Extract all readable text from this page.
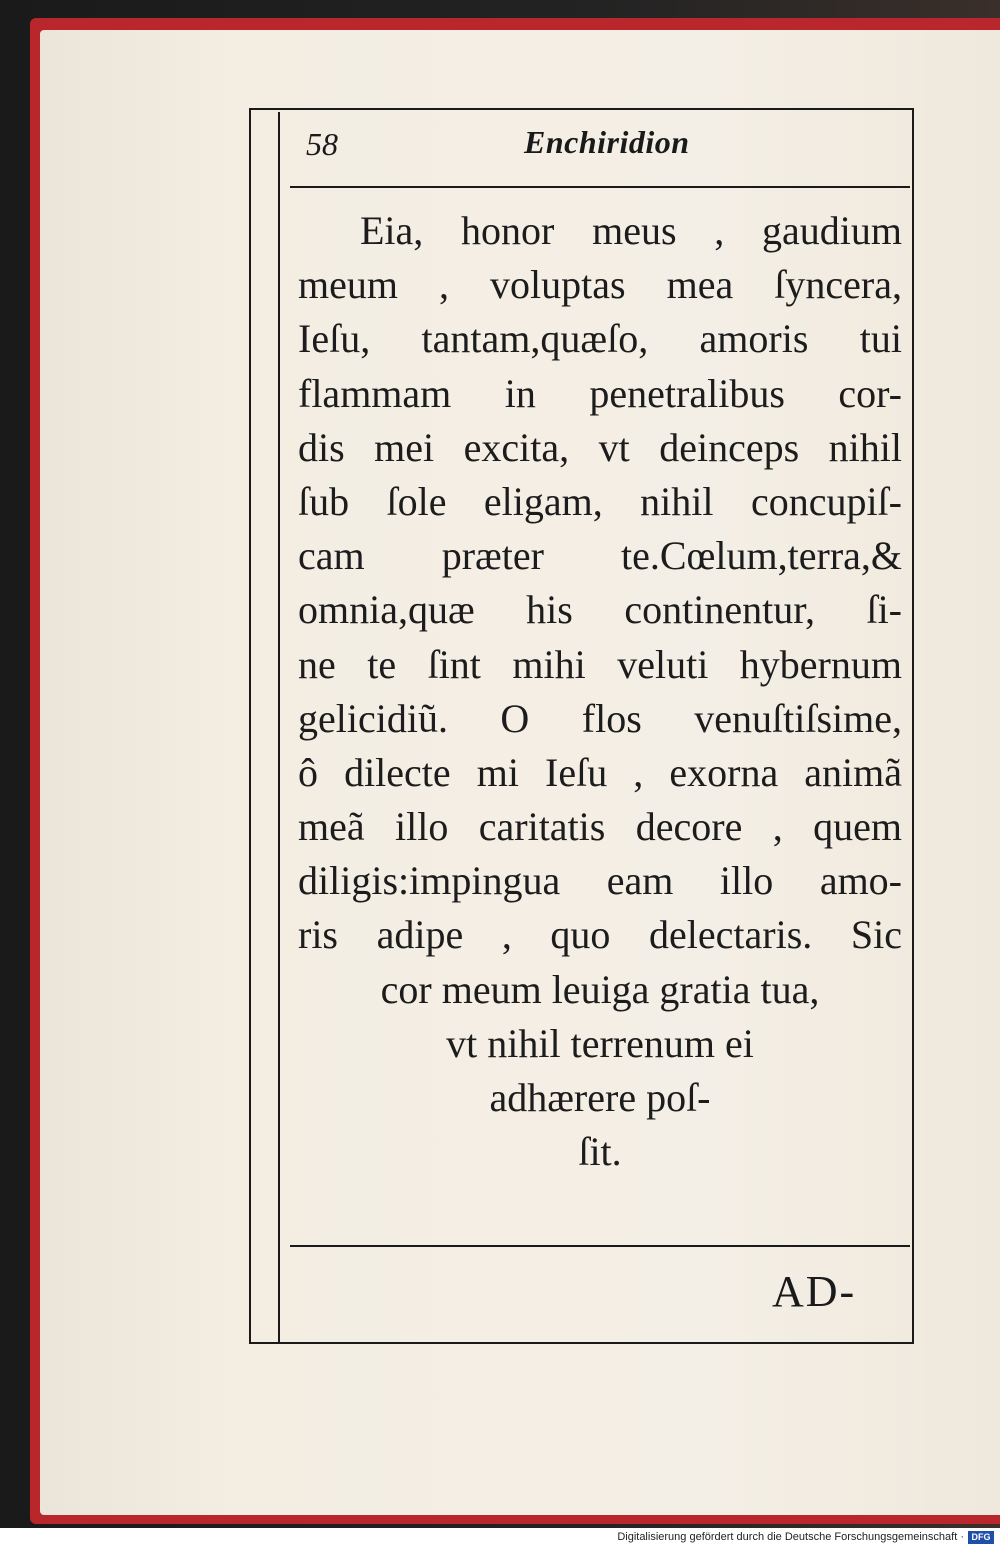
58	Enchiridion
Eia, honor meus , gaudium
meum , voluptas mea ſyncera,
Ieſu, tantam,quæſo, amoris tui
flammam in penetralibus cor-
dis mei excita, vt deinceps nihil
ſub ſole eligam, nihil concupiſ-
cam præter te.Cœlum,terra,&
omnia,quæ his continentur, ſi-
ne te ſint mihi veluti hybernum
gelicidiũ. O flos venuſtiſsime,
ô dilecte mi Ieſu , exorna animã
meã illo caritatis decore , quem
diligis:impingua eam illo amo-
ris adipe , quo delectaris. Sic
cor meum leuiga gratia tua,
vt nihil terrenum ei
adhærere poſ-
ſit.
AD-
Digitalisierung gefördert durch die Deutsche Forschungsgemeinschaft · DFG
